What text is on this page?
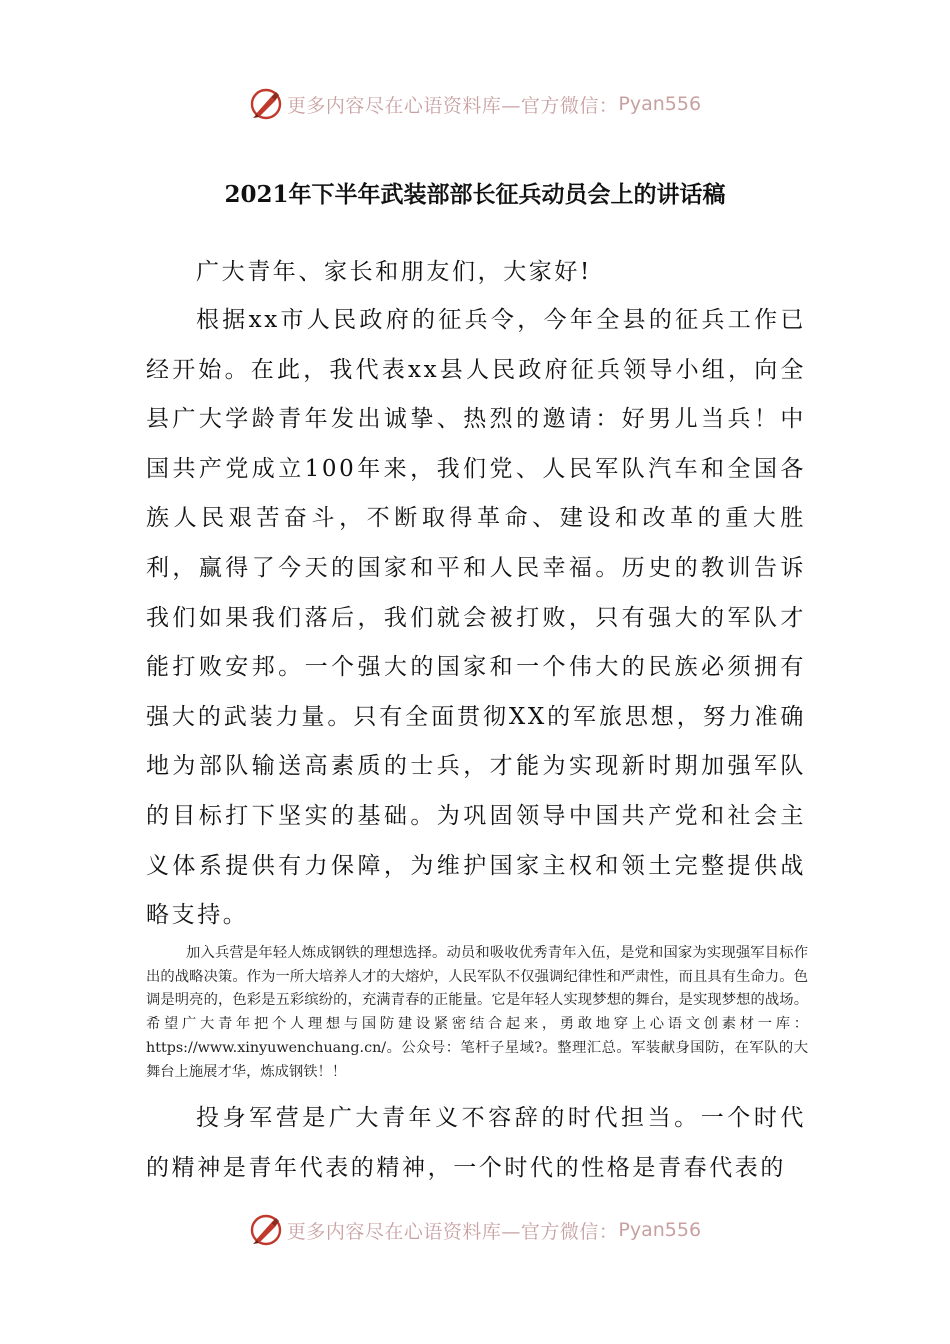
更多内容尽在心语资料库—官方微信： Pyan556
2021年下半年武装部部长征兵动员会上的讲话稿

广大青年、家长和朋友们，大家好!

根据xx市人民政府的征兵令，今年全县的征兵工作已经开始。在此，我代表xx县人民政府征兵领导小组，向全县广大学龄青年发出诚挚、热烈的邀请：好男儿当兵！中国共产党成立100年来，我们党、人民军队汽车和全国各族人民艰苦奋斗，不断取得革命、建设和改革的重大胜利，赢得了今天的国家和平和人民幸福。历史的教训告诉我们如果我们落后，我们就会被打败，只有强大的军队才能打败安邦。一个强大的国家和一个伟大的民族必须拥有强大的武装力量。只有全面贯彻XX的军旅思想，努力准确地为部队输送高素质的士兵，才能为实现新时期加强军队的目标打下坚实的基础。为巩固领导中国共产党和社会主义体系提供有力保障，为维护国家主权和领土完整提供战略支持。

加入兵营是年轻人炼成钢铁的理想选择。动员和吸收优秀青年入伍，是党和国家为实现强军目标作出的战略决策。作为一所大培养人才的大熔炉，人民军队不仅强调纪律性和严肃性，而且具有生命力。色调是明亮的，色彩是五彩缤纷的，充满青春的正能量。它是年轻人实现梦想的舞台，是实现梦想的战场。希望广大青年把个人理想与国防建设紧密结合起来，勇敢地穿上心语文创素材一库：https://www.xinyuwenchuang.cn/。公众号：笔杆子星域?。整理汇总。军装献身国防，在军队的大舞台上施展才华，炼成钢铁！！

投身军营是广大青年义不容辞的时代担当。一个时代的精神是青年代表的精神，一个时代的性格是青春代表的

更多内容尽在心语资料库—官方微信： Pyan556
